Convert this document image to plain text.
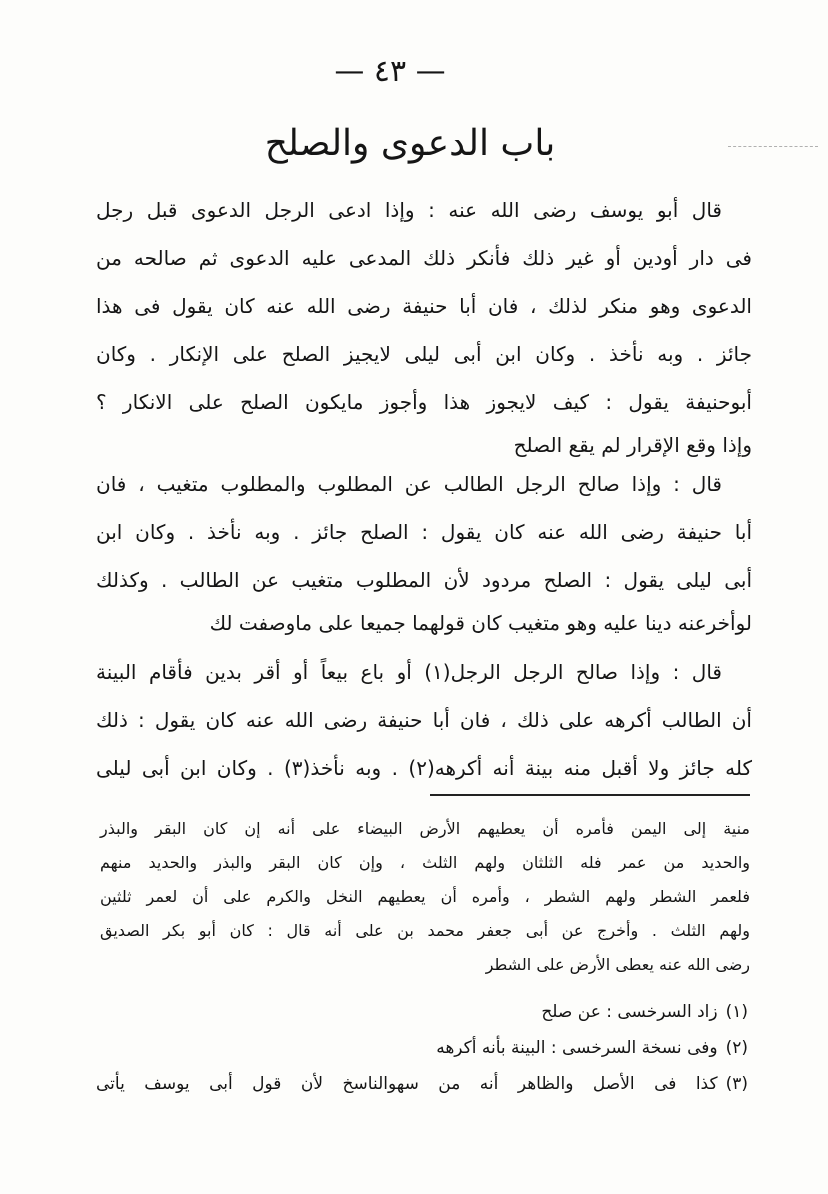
— ٤٣ —
باب الدعوى والصلح
قال أبو يوسف رضى الله عنه : وإذا ادعى الرجل الدعوى قبل رجل
فى دار أودين أو غير ذلك فأنكر ذلك المدعى عليه الدعوى ثم صالحه من
الدعوى وهو منكر لذلك ، فان أبا حنيفة رضى الله عنه كان يقول فى هذا
جائز . وبه نأخذ . وكان ابن أبى ليلى لايجيز الصلح على الإنكار . وكان
أبوحنيفة يقول : كيف لايجوز هذا وأجوز مايكون الصلح على الانكار ؟
وإذا وقع الإقرار لم يقع الصلح
قال : وإذا صالح الرجل الطالب عن المطلوب والمطلوب متغيب ، فان
أبا حنيفة رضى الله عنه كان يقول : الصلح جائز . وبه نأخذ . وكان ابن
أبى ليلى يقول : الصلح مردود لأن المطلوب متغيب عن الطالب . وكذلك
لوأخرعنه دينا عليه وهو متغيب كان قولهما جميعا على ماوصفت لك
قال : وإذا صالح الرجل الرجل(١) أو باع بيعاً أو أقر بدين فأقام البينة
أن الطالب أكرهه على ذلك ، فان أبا حنيفة رضى الله عنه كان يقول : ذلك
كله جائز ولا أقبل منه بينة أنه أكرهه(٢) . وبه نأخذ(٣) . وكان ابن أبى ليلى
منية إلى اليمن فأمره أن يعطيهم الأرض البيضاء على أنه إن كان البقر والبذر
والحديد من عمر فله الثلثان ولهم الثلث ، وإن كان البقر والبذر والحديد منهم
فلعمر الشطر ولهم الشطر ، وأمره أن يعطيهم النخل والكرم على أن لعمر ثلثين
ولهم الثلث . وأخرج عن أبى جعفر محمد بن على أنه قال : كان أبو بكر الصديق
رضى الله عنه يعطى الأرض على الشطر
(١)زاد السرخسى : عن صلح
(٢)وفى نسخة السرخسى : البينة بأنه أكرهه
(٣)كذا فى الأصل والظاهر أنه من سهوالناسخ لأن قول أبى يوسف يأتى
